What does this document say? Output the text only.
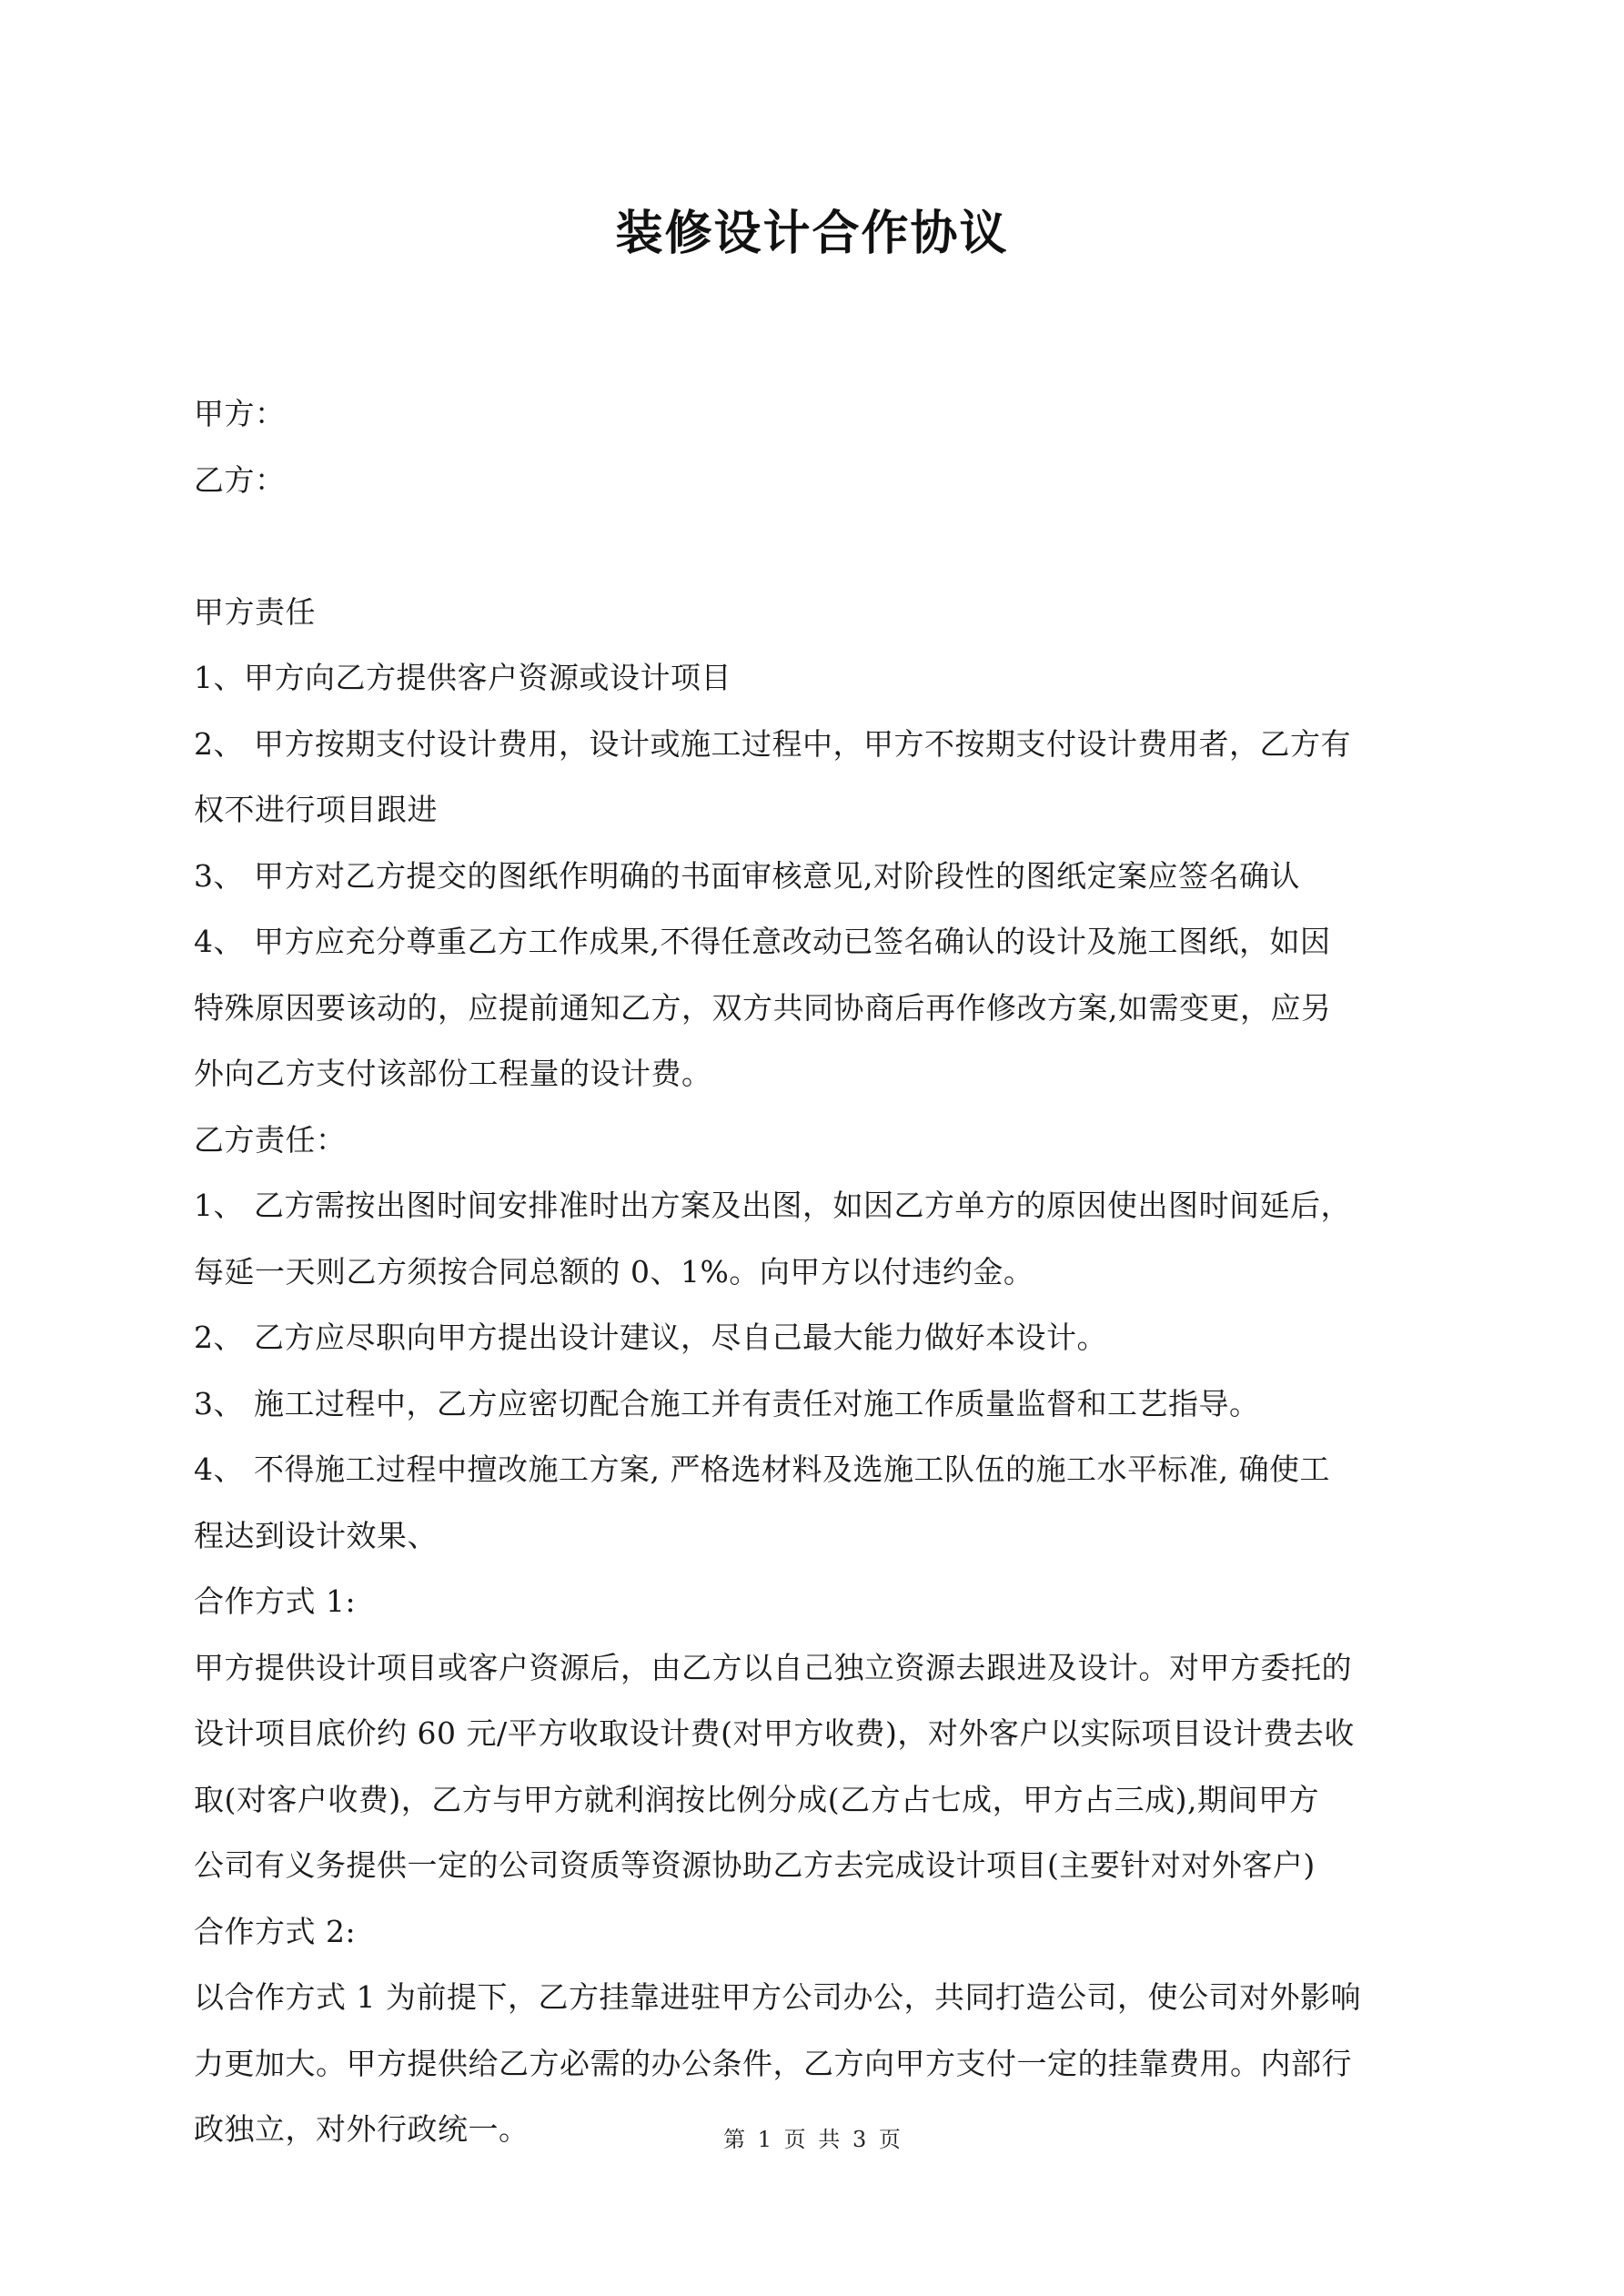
装修设计合作协议
甲方：
乙方：
甲方责任
1、甲方向乙方提供客户资源或设计项目
2、 甲方按期支付设计费用，设计或施工过程中，甲方不按期支付设计费用者，乙方有
权不进行项目跟进
3、 甲方对乙方提交的图纸作明确的书面审核意见,对阶段性的图纸定案应签名确认
4、 甲方应充分尊重乙方工作成果,不得任意改动已签名确认的设计及施工图纸，如因
特殊原因要该动的，应提前通知乙方，双方共同协商后再作修改方案,如需变更，应另
外向乙方支付该部份工程量的设计费。
乙方责任：
1、 乙方需按出图时间安排准时出方案及出图，如因乙方单方的原因使出图时间延后，
每延一天则乙方须按合同总额的 0、1%。向甲方以付违约金。
2、 乙方应尽职向甲方提出设计建议，尽自己最大能力做好本设计。
3、 施工过程中，乙方应密切配合施工并有责任对施工作质量监督和工艺指导。
4、 不得施工过程中擅改施工方案, 严格选材料及选施工队伍的施工水平标准, 确使工
程达到设计效果、
合作方式 1:
甲方提供设计项目或客户资源后，由乙方以自己独立资源去跟进及设计。对甲方委托的
设计项目底价约 60 元/平方收取设计费(对甲方收费)，对外客户以实际项目设计费去收
取(对客户收费)，乙方与甲方就利润按比例分成(乙方占七成，甲方占三成),期间甲方
公司有义务提供一定的公司资质等资源协助乙方去完成设计项目(主要针对对外客户)
合作方式 2:
以合作方式 1 为前提下，乙方挂靠进驻甲方公司办公，共同打造公司，使公司对外影响
力更加大。甲方提供给乙方必需的办公条件，乙方向甲方支付一定的挂靠费用。内部行
政独立，对外行政统一。	第 1 页 共 3 页
